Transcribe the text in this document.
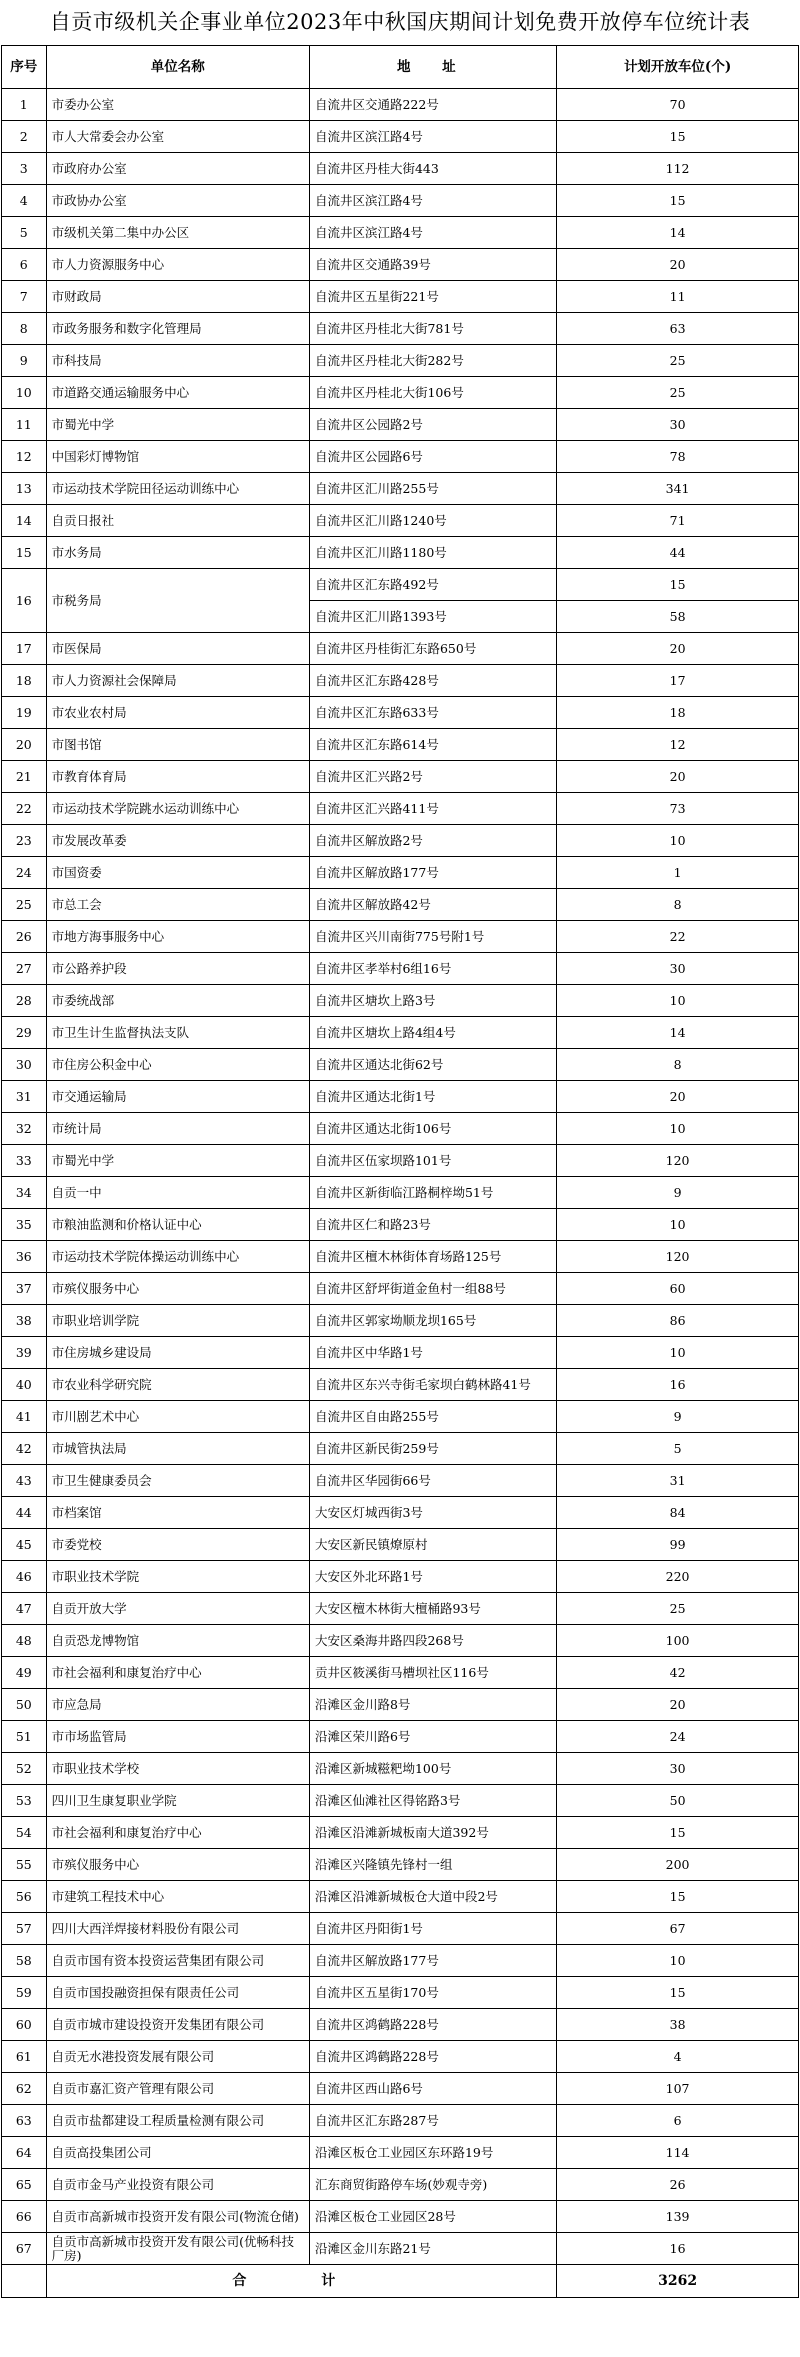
自贡市级机关企事业单位2023年中秋国庆期间计划免费开放停车位统计表
序号	单位名称	地 址	计划开放车位(个)
1	市委办公室	自流井区交通路222号	70
2	市人大常委会办公室	自流井区滨江路4号	15
3	市政府办公室	自流井区丹桂大街443	112
4	市政协办公室	自流井区滨江路4号	15
5	市级机关第二集中办公区	自流井区滨江路4号	14
6	市人力资源服务中心	自流井区交通路39号	20
7	市财政局	自流井区五星街221号	11
8	市政务服务和数字化管理局	自流井区丹桂北大街781号	63
9	市科技局	自流井区丹桂北大街282号	25
10	市道路交通运输服务中心	自流井区丹桂北大街106号	25
11	市蜀光中学	自流井区公园路2号	30
12	中国彩灯博物馆	自流井区公园路6号	78
13	市运动技术学院田径运动训练中心	自流井区汇川路255号	341
14	自贡日报社	自流井区汇川路1240号	71
15	市水务局	自流井区汇川路1180号	44
16	市税务局	自流井区汇东路492号	15
		自流井区汇川路1393号	58
17	市医保局	自流井区丹桂街汇东路650号	20
18	市人力资源社会保障局	自流井区汇东路428号	17
19	市农业农村局	自流井区汇东路633号	18
20	市图书馆	自流井区汇东路614号	12
21	市教育体育局	自流井区汇兴路2号	20
22	市运动技术学院跳水运动训练中心	自流井区汇兴路411号	73
23	市发展改革委	自流井区解放路2号	10
24	市国资委	自流井区解放路177号	1
25	市总工会	自流井区解放路42号	8
26	市地方海事服务中心	自流井区兴川南街775号附1号	22
27	市公路养护段	自流井区孝举村6组16号	30
28	市委统战部	自流井区塘坎上路3号	10
29	市卫生计生监督执法支队	自流井区塘坎上路4组4号	14
30	市住房公积金中心	自流井区通达北街62号	8
31	市交通运输局	自流井区通达北街1号	20
32	市统计局	自流井区通达北街106号	10
33	市蜀光中学	自流井区伍家坝路101号	120
34	自贡一中	自流井区新街临江路桐梓坳51号	9
35	市粮油监测和价格认证中心	自流井区仁和路23号	10
36	市运动技术学院体操运动训练中心	自流井区檀木林街体育场路125号	120
37	市殡仪服务中心	自流井区舒坪街道金鱼村一组88号	60
38	市职业培训学院	自流井区郭家坳顺龙坝165号	86
39	市住房城乡建设局	自流井区中华路1号	10
40	市农业科学研究院	自流井区东兴寺街毛家坝白鹤林路41号	16
41	市川剧艺术中心	自流井区自由路255号	9
42	市城管执法局	自流井区新民街259号	5
43	市卫生健康委员会	自流井区华园街66号	31
44	市档案馆	大安区灯城西街3号	84
45	市委党校	大安区新民镇燎原村	99
46	市职业技术学院	大安区外北环路1号	220
47	自贡开放大学	大安区檀木林街大檀桶路93号	25
48	自贡恐龙博物馆	大安区桑海井路四段268号	100
49	市社会福利和康复治疗中心	贡井区筱溪街马槽坝社区116号	42
50	市应急局	沿滩区金川路8号	20
51	市市场监管局	沿滩区荣川路6号	24
52	市职业技术学校	沿滩区新城糍粑坳100号	30
53	四川卫生康复职业学院	沿滩区仙滩社区得铭路3号	50
54	市社会福利和康复治疗中心	沿滩区沿滩新城板南大道392号	15
55	市殡仪服务中心	沿滩区兴隆镇先锋村一组	200
56	市建筑工程技术中心	沿滩区沿滩新城板仓大道中段2号	15
57	四川大西洋焊接材料股份有限公司	自流井区丹阳街1号	67
58	自贡市国有资本投资运营集团有限公司	自流井区解放路177号	10
59	自贡市国投融资担保有限责任公司	自流井区五星街170号	15
60	自贡市城市建设投资开发集团有限公司	自流井区鸿鹤路228号	38
61	自贡无水港投资发展有限公司	自流井区鸿鹤路228号	4
62	自贡市嘉汇资产管理有限公司	自流井区西山路6号	107
63	自贡市盐都建设工程质量检测有限公司	自流井区汇东路287号	6
64	自贡高投集团公司	沿滩区板仓工业园区东环路19号	114
65	自贡市金马产业投资有限公司	汇东商贸街路停车场(妙观寺旁)	26
66	自贡市高新城市投资开发有限公司(物流仓储)	沿滩区板仓工业园区28号	139
67	自贡市高新城市投资开发有限公司(优畅科技厂房)	沿滩区金川东路21号	16
	合 计		3262
